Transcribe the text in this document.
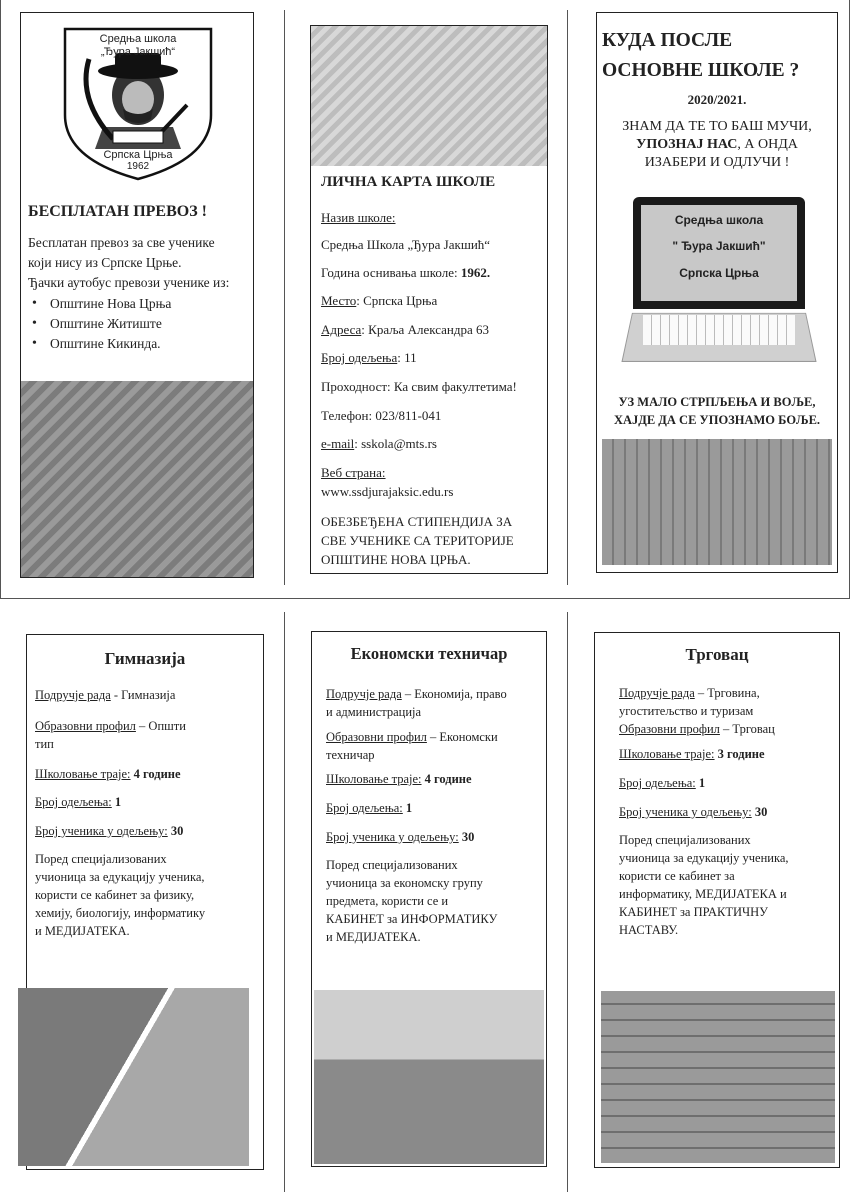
Средња школа
„Ђура Јакшић“
Српска Црња
1962
БЕСПЛАТАН ПРЕВОЗ !
Бесплатан превоз за све ученике
који нису из Српске Црње.
Ђачки аутобус превози ученике из:
• Општине Нова Црња
• Општине Житиште
• Општине Кикинда.
ЛИЧНА КАРТА ШКОЛЕ
Назив школе:
Средња Школа „Ђура Јакшић“
Година оснивања школе: 1962.
Место: Српска Црња
Адреса: Краља Александра 63
Број одељења: 11
Проходност: Ка свим факултетима!
Телефон: 023/811-041
e-mail: sskola@mts.rs
Веб страна:
www.ssdjurajaksic.edu.rs
ОБЕЗБЕЂЕНА СТИПЕНДИЈА ЗА
СВЕ УЧЕНИКЕ СА ТЕРИТОРИЈЕ
ОПШТИНЕ НОВА ЦРЊА.
КУДА ПОСЛЕ
ОСНОВНЕ ШКОЛЕ ?
2020/2021.
ЗНАМ ДА ТЕ ТО БАШ МУЧИ,
УПОЗНАЈ НАС, А ОНДА
ИЗАБЕРИ И ОДЛУЧИ !
Средња школа
" Ђура Јакшић"
Српска Црња
УЗ МАЛО СТРПЉЕЊА И ВОЉЕ,
ХАЈДЕ ДА СЕ УПОЗНАМО БОЉЕ.
Гимназија
Подручје рада - Гимназија
Образовни профил – Општи
тип
Школовање траје: 4 године
Број одељења: 1
Број ученика у одељењу: 30
Поред специјализованих
учионица за едукацију ученика,
користи се кабинет за физику,
хемију, биологију, информатику
и МЕДИЈАТЕКА.
Економски техничар
Подручје рада – Економија, право
и администрација
Образовни профил – Економски
техничар
Школовање траје: 4 године
Број одељења: 1
Број ученика у одељењу: 30
Поред специјализованих
учионица за економску групу
предмета, користи се и
КАБИНЕТ за ИНФОРМАТИКУ
и МЕДИЈАТЕКА.
Трговац
Подручје рада – Трговина,
угоститељство и туризам
Образовни профил – Трговац
Школовање траје: 3 године
Број одељења: 1
Број ученика у одељењу: 30
Поред специјализованих
учионица за едукацију ученика,
користи се кабинет за
информатику, МЕДИЈАТЕКА и
КАБИНЕТ за ПРАКТИЧНУ
НАСТАВУ.
